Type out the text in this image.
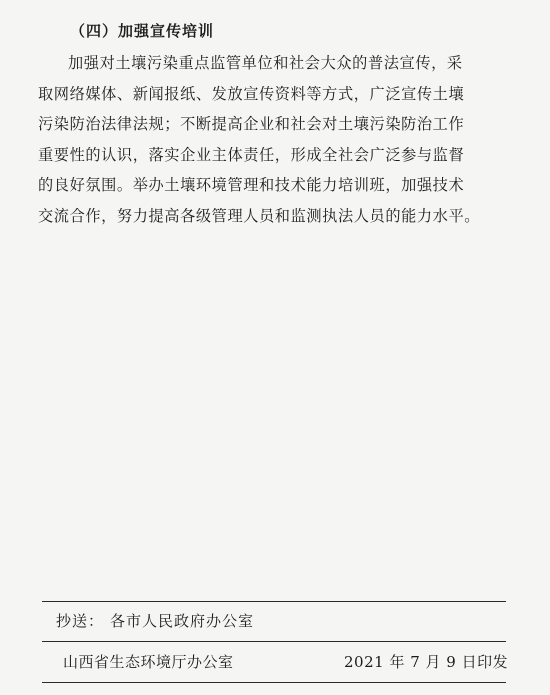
（四）加强宣传培训
加强对土壤污染重点监管单位和社会大众的普法宣传，采
取网络媒体、新闻报纸、发放宣传资料等方式，广泛宣传土壤
污染防治法律法规；不断提高企业和社会对土壤污染防治工作
重要性的认识，落实企业主体责任，形成全社会广泛参与监督
的良好氛围。举办土壤环境管理和技术能力培训班，加强技术
交流合作，努力提高各级管理人员和监测执法人员的能力水平。
抄送： 各市人民政府办公室
山西省生态环境厅办公室	2021 年 7 月 9 日印发
